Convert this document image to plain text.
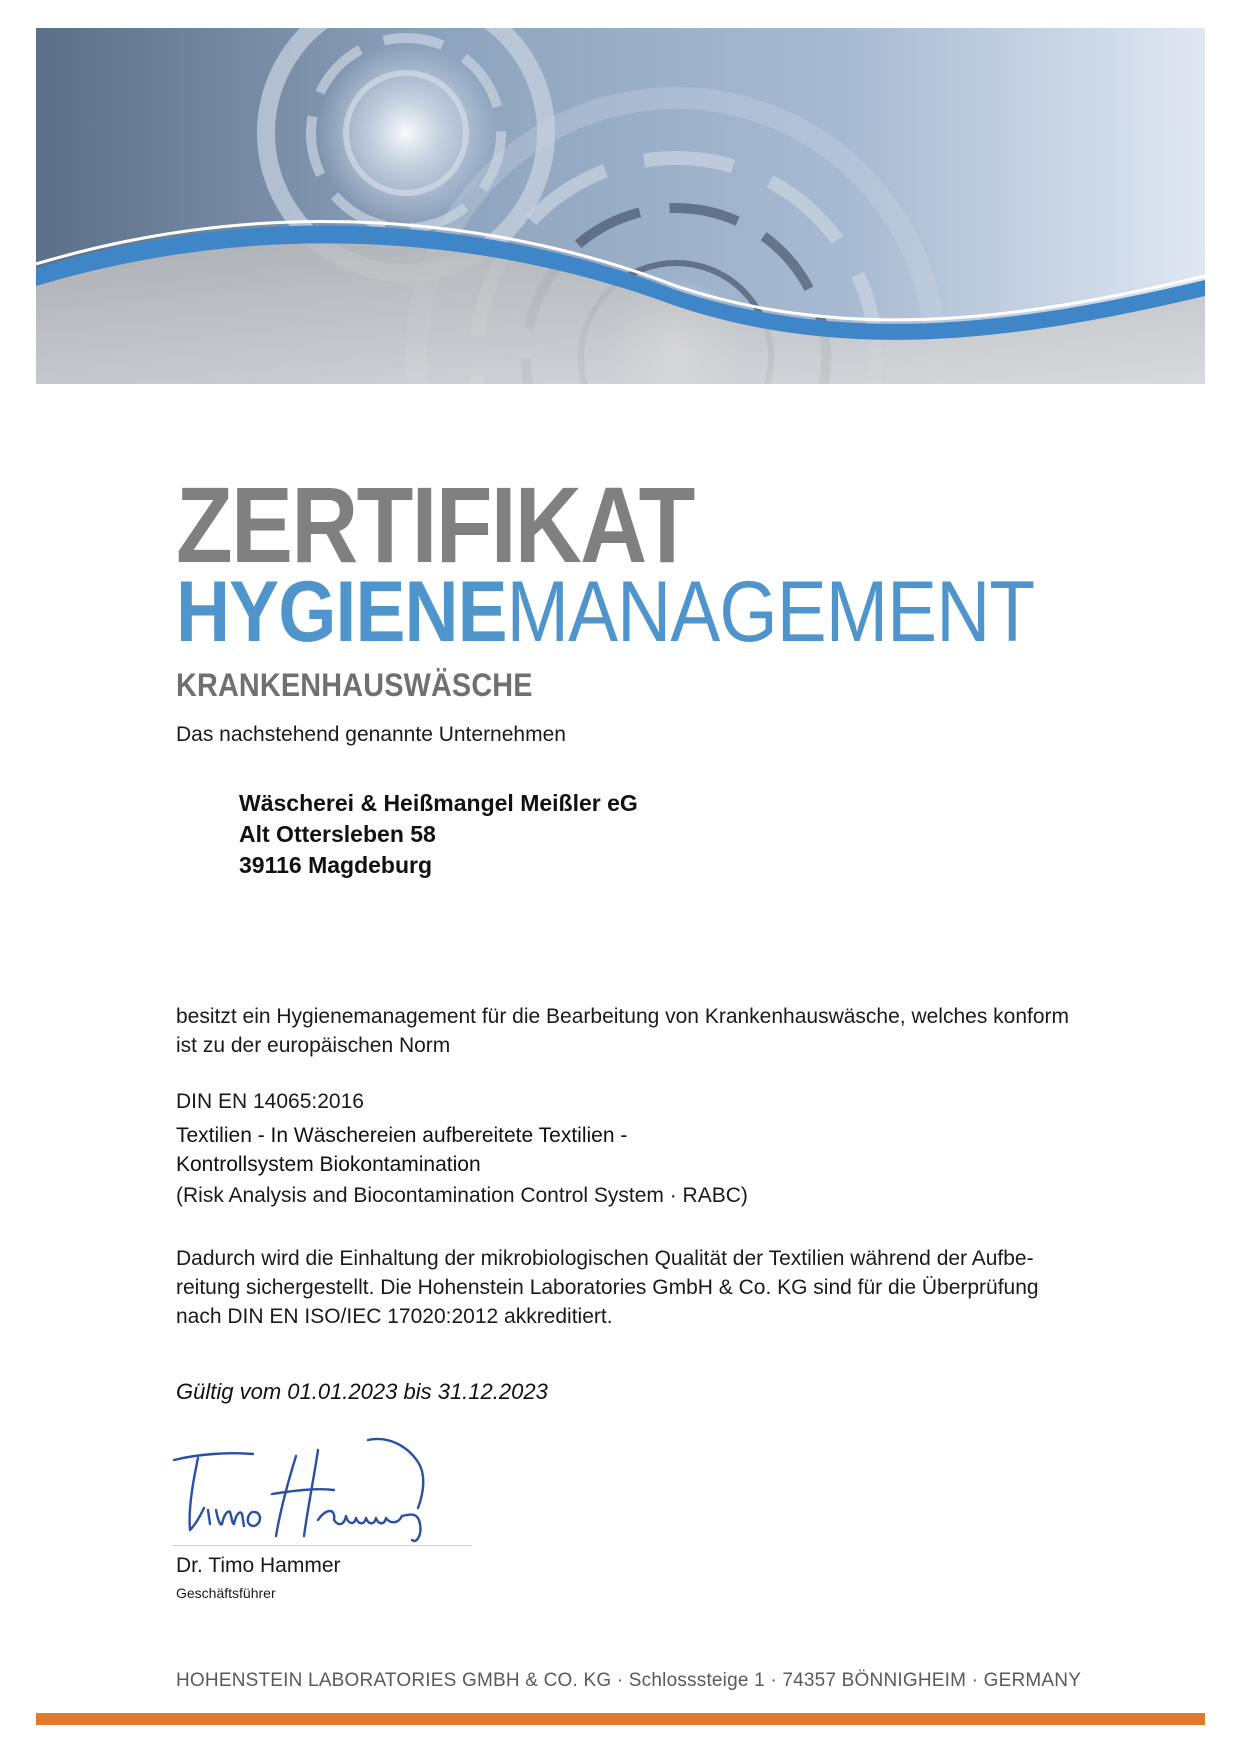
ZERTIFIKAT
HYGIENEMANAGEMENT
KRANKENHAUSWÄSCHE
Das nachstehend genannte Unternehmen
Wäscherei & Heißmangel Meißler eG
Alt Ottersleben 58
39116 Magdeburg
besitzt ein Hygienemanagement für die Bearbeitung von Krankenhauswäsche, welches konform
ist zu der europäischen Norm
DIN EN 14065:2016
Textilien - In Wäschereien aufbereitete Textilien -
Kontrollsystem Biokontamination
(Risk Analysis and Biocontamination Control System · RABC)
Dadurch wird die Einhaltung der mikrobiologischen Qualität der Textilien während der Aufbe-
reitung sichergestellt. Die Hohenstein Laboratories GmbH & Co. KG sind für die Überprüfung
nach DIN EN ISO/IEC 17020:2012 akkreditiert.
Gültig vom 01.01.2023 bis 31.12.2023
Dr. Timo Hammer
Geschäftsführer
HOHENSTEIN LABORATORIES GMBH & CO. KG · Schlosssteige 1 · 74357 BÖNNIGHEIM · GERMANY
